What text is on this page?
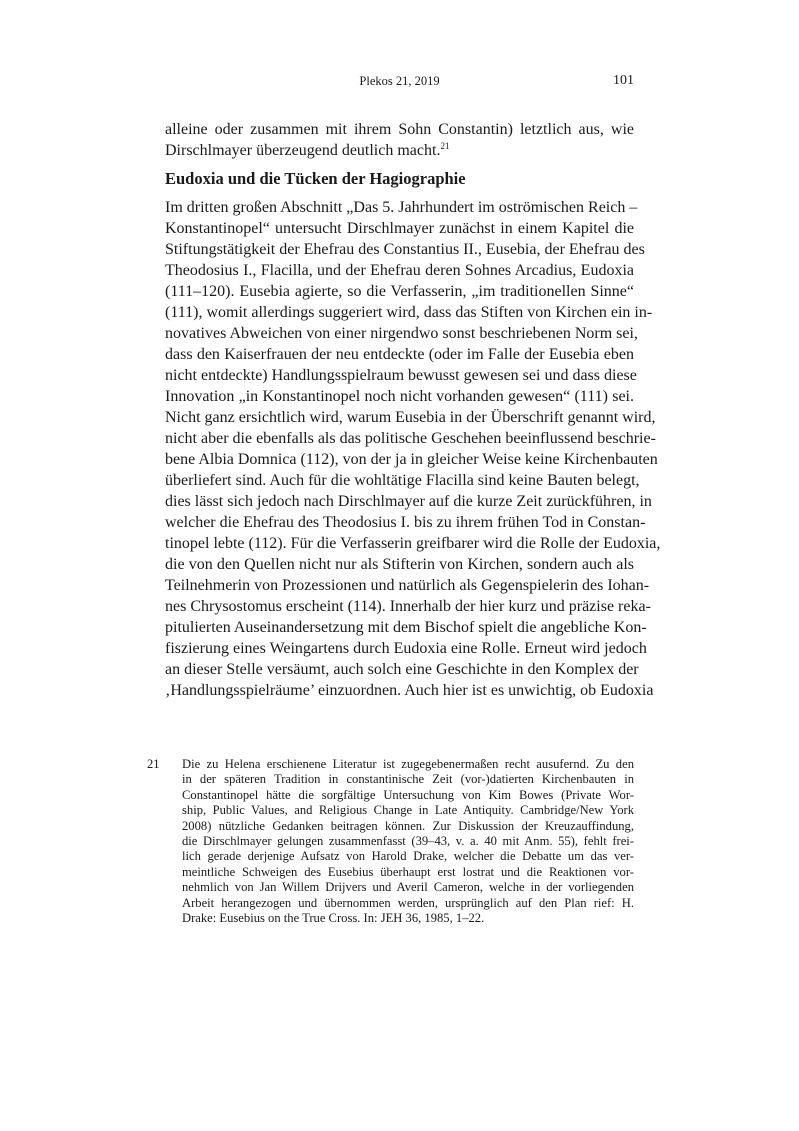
Plekos 21, 2019	101
alleine oder zusammen mit ihrem Sohn Constantin) letztlich aus, wie
Dirschlmayer überzeugend deutlich macht.$^{21}$
Eudoxia und die Tücken der Hagiographie
Im dritten großen Abschnitt „Das 5. Jahrhundert im oströmischen Reich –
Konstantinopel“ untersucht Dirschlmayer zunächst in einem Kapitel die
Stiftungstätigkeit der Ehefrau des Constantius II., Eusebia, der Ehefrau des
Theodosius I., Flacilla, und der Ehefrau deren Sohnes Arcadius, Eudoxia
(111–120). Eusebia agierte, so die Verfasserin, „im traditionellen Sinne“
(111), womit allerdings suggeriert wird, dass das Stiften von Kirchen ein in-
novatives Abweichen von einer nirgendwo sonst beschriebenen Norm sei,
dass den Kaiserfrauen der neu entdeckte (oder im Falle der Eusebia eben
nicht entdeckte) Handlungsspielraum bewusst gewesen sei und dass diese
Innovation „in Konstantinopel noch nicht vorhanden gewesen“ (111) sei.
Nicht ganz ersichtlich wird, warum Eusebia in der Überschrift genannt wird,
nicht aber die ebenfalls als das politische Geschehen beeinflussend beschrie-
bene Albia Domnica (112), von der ja in gleicher Weise keine Kirchenbauten
überliefert sind. Auch für die wohltätige Flacilla sind keine Bauten belegt,
dies lässt sich jedoch nach Dirschlmayer auf die kurze Zeit zurückführen, in
welcher die Ehefrau des Theodosius I. bis zu ihrem frühen Tod in Constan-
tinopel lebte (112). Für die Verfasserin greifbarer wird die Rolle der Eudoxia,
die von den Quellen nicht nur als Stifterin von Kirchen, sondern auch als
Teilnehmerin von Prozessionen und natürlich als Gegenspielerin des Iohan-
nes Chrysostomus erscheint (114). Innerhalb der hier kurz und präzise reka-
pitulierten Auseinandersetzung mit dem Bischof spielt die angebliche Kon-
fiszierung eines Weingartens durch Eudoxia eine Rolle. Erneut wird jedoch
an dieser Stelle versäumt, auch solch eine Geschichte in den Komplex der
‚Handlungsspielräume’ einzuordnen. Auch hier ist es unwichtig, ob Eudoxia
21 Die zu Helena erschienene Literatur ist zugegebenermaßen recht ausufernd. Zu den
in der späteren Tradition in constantinische Zeit (vor-)datierten Kirchenbauten in
Constantinopel hätte die sorgfältige Untersuchung von Kim Bowes (Private Wor-
ship, Public Values, and Religious Change in Late Antiquity. Cambridge/New York
2008) nützliche Gedanken beitragen können. Zur Diskussion der Kreuzauffindung,
die Dirschlmayer gelungen zusammenfasst (39–43, v. a. 40 mit Anm. 55), fehlt frei-
lich gerade derjenige Aufsatz von Harold Drake, welcher die Debatte um das ver-
meintliche Schweigen des Eusebius überhaupt erst lostrat und die Reaktionen vor-
nehmlich von Jan Willem Drijvers und Averil Cameron, welche in der vorliegenden
Arbeit herangezogen und übernommen werden, ursprünglich auf den Plan rief: H.
Drake: Eusebius on the True Cross. In: JEH 36, 1985, 1–22.
